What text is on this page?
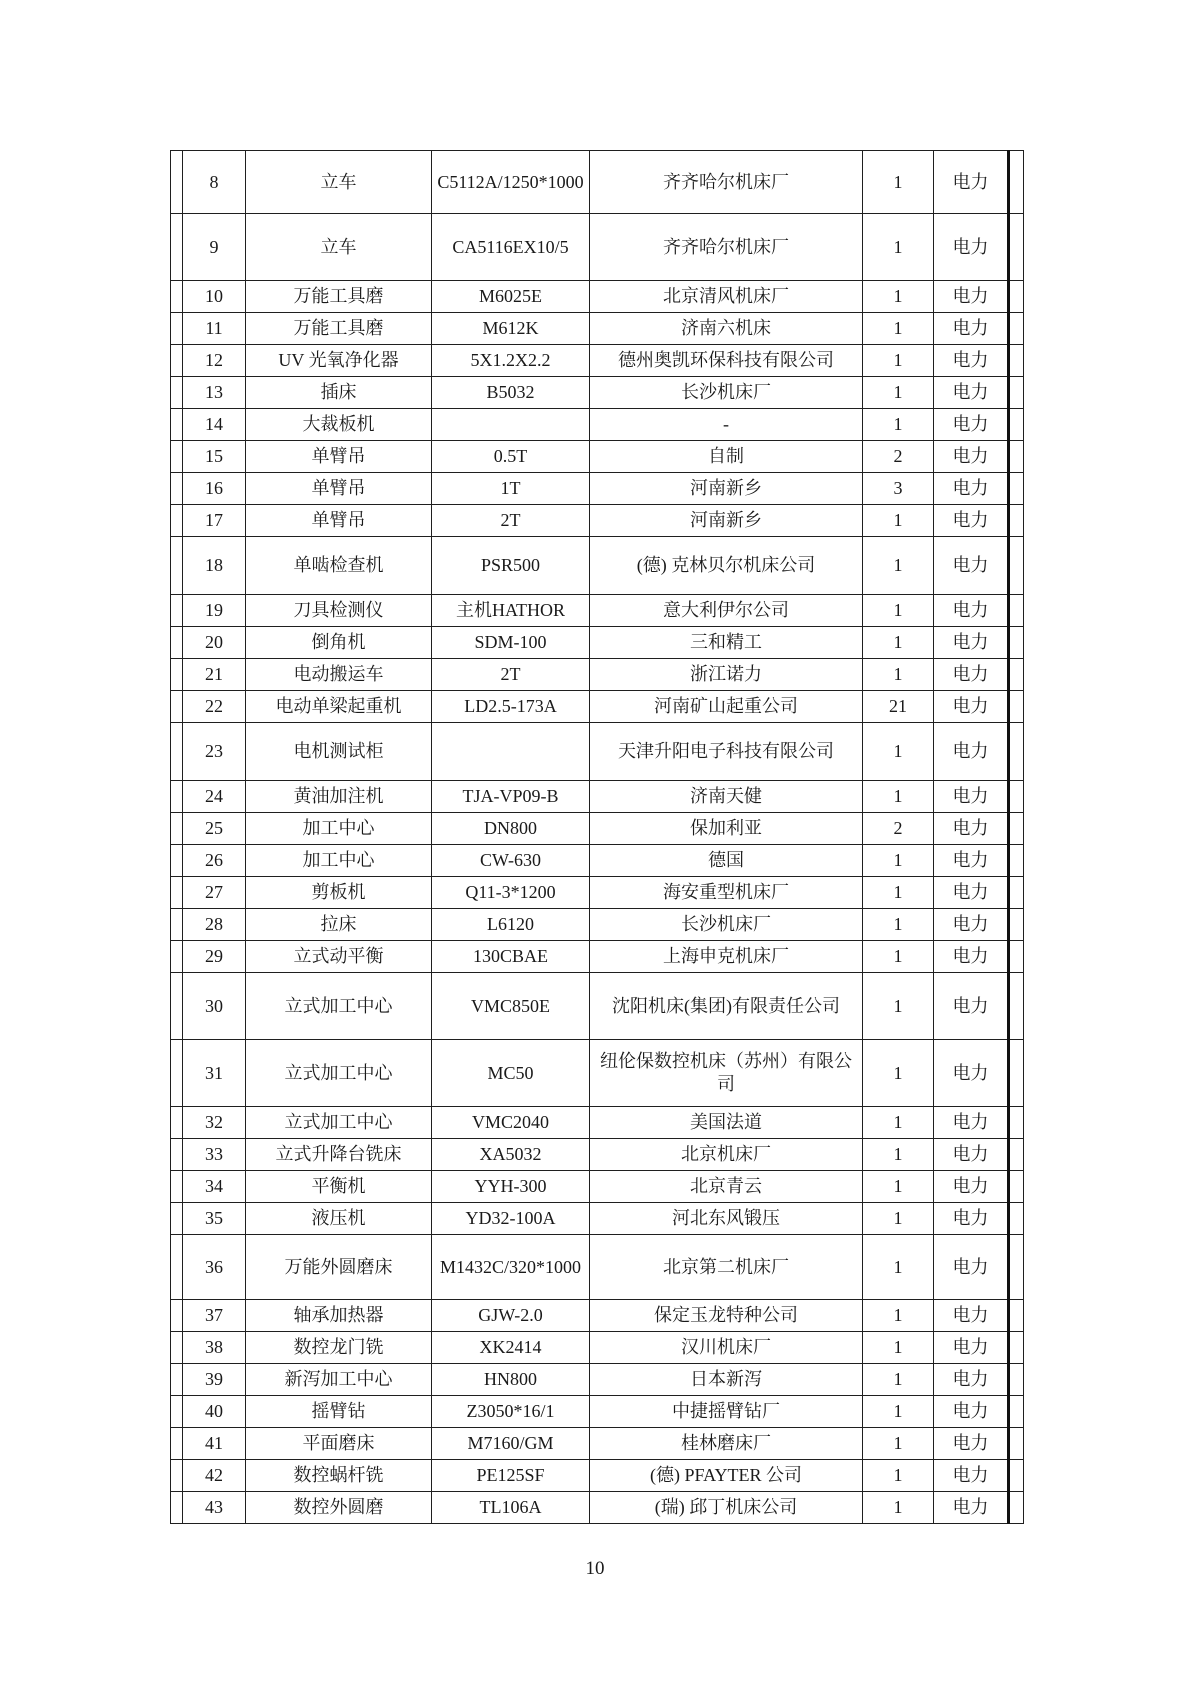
	8	立车	C5112A/1250*1000	齐齐哈尔机床厂	1	电力	
	9	立车	CA5116EX10/5	齐齐哈尔机床厂	1	电力	
	10	万能工具磨	M6025E	北京清风机床厂	1	电力	
	11	万能工具磨	M612K	济南六机床	1	电力	
	12	UV 光氧净化器	5X1.2X2.2	德州奥凯环保科技有限公司	1	电力	
	13	插床	B5032	长沙机床厂	1	电力	
	14	大裁板机		-	1	电力	
	15	单臂吊	0.5T	自制	2	电力	
	16	单臂吊	1T	河南新乡	3	电力	
	17	单臂吊	2T	河南新乡	1	电力	
	18	单啮检查机	PSR500	(德) 克林贝尔机床公司	1	电力	
	19	刀具检测仪	主机HATHOR	意大利伊尔公司	1	电力	
	20	倒角机	SDM-100	三和精工	1	电力	
	21	电动搬运车	2T	浙江诺力	1	电力	
	22	电动单梁起重机	LD2.5-173A	河南矿山起重公司	21	电力	
	23	电机测试柜		天津升阳电子科技有限公司	1	电力	
	24	黄油加注机	TJA-VP09-B	济南天健	1	电力	
	25	加工中心	DN800	保加利亚	2	电力	
	26	加工中心	CW-630	德国	1	电力	
	27	剪板机	Q11-3*1200	海安重型机床厂	1	电力	
	28	拉床	L6120	长沙机床厂	1	电力	
	29	立式动平衡	130CBAE	上海申克机床厂	1	电力	
	30	立式加工中心	VMC850E	沈阳机床(集团)有限责任公司	1	电力	
	31	立式加工中心	MC50	纽伦保数控机床（苏州）有限公司	1	电力	
	32	立式加工中心	VMC2040	美国法道	1	电力	
	33	立式升降台铣床	XA5032	北京机床厂	1	电力	
	34	平衡机	YYH-300	北京青云	1	电力	
	35	液压机	YD32-100A	河北东风锻压	1	电力	
	36	万能外圆磨床	M1432C/320*1000	北京第二机床厂	1	电力	
	37	轴承加热器	GJW-2.0	保定玉龙特种公司	1	电力	
	38	数控龙门铣	XK2414	汉川机床厂	1	电力	
	39	新泻加工中心	HN800	日本新泻	1	电力	
	40	摇臂钻	Z3050*16/1	中捷摇臂钻厂	1	电力	
	41	平面磨床	M7160/GM	桂林磨床厂	1	电力	
	42	数控蜗杆铣	PE125SF	(德) PFAYTER 公司	1	电力	
	43	数控外圆磨	TL106A	(瑞) 邱丁机床公司	1	电力	
10
